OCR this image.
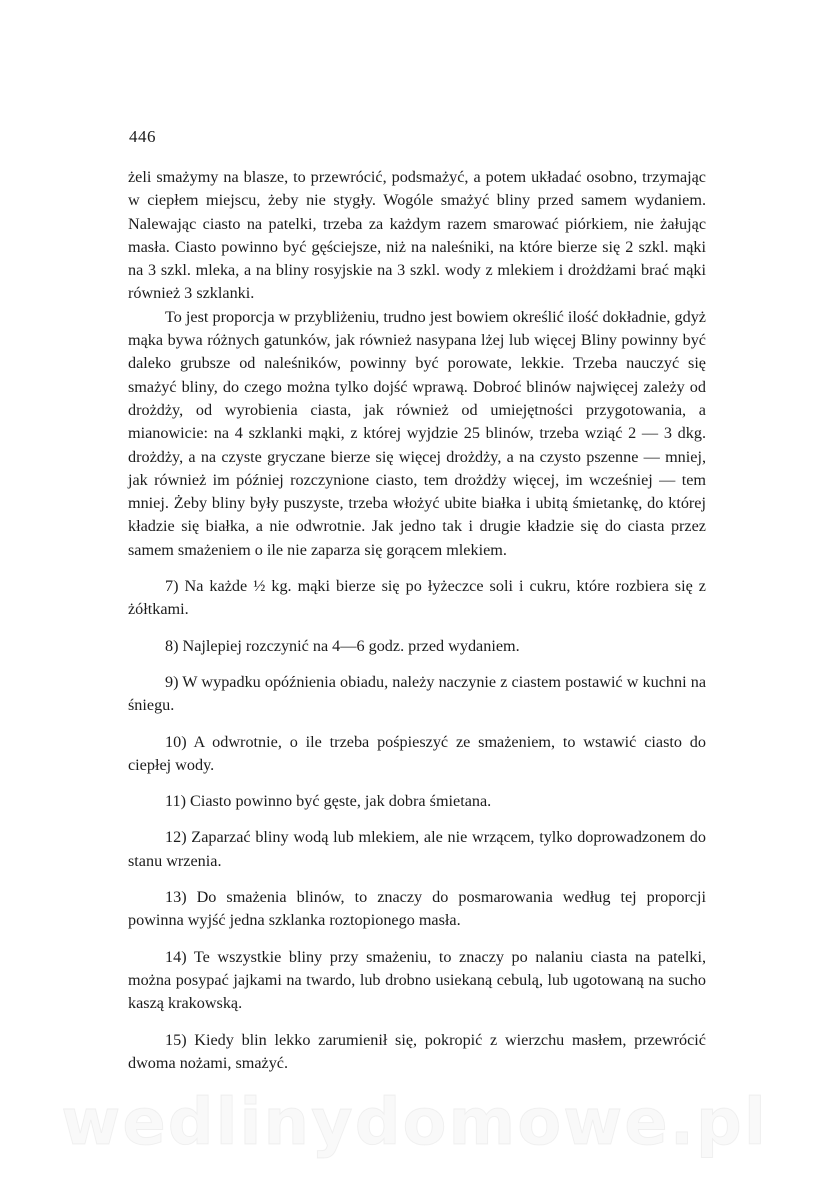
446

żeli smażymy na blasze, to przewrócić, podsmażyć, a potem układać osobno, trzymając w ciepłem miejscu, żeby nie stygły. Wogóle smażyć bliny przed samem wydaniem. Nalewając ciasto na patelki, trzeba za każdym razem smarować piórkiem, nie żałując masła. Ciasto powinno być gęściejsze, niż na naleśniki, na które bierze się 2 szkl. mąki na 3 szkl. mleka, a na bliny rosyjskie na 3 szkl. wody z mlekiem i drożdżami brać mąki również 3 szklanki.

To jest proporcja w przybliżeniu, trudno jest bowiem określić ilość dokładnie, gdyż mąka bywa różnych gatunków, jak również nasypana lżej lub więcej Bliny powinny być daleko grubsze od naleśników, powinny być porowate, lekkie. Trzeba nauczyć się smażyć bliny, do czego można tylko dojść wprawą. Dobroć blinów najwięcej zależy od drożdży, od wyrobienia ciasta, jak również od umiejętności przygotowania, a mianowicie: na 4 szklanki mąki, z której wyjdzie 25 blinów, trzeba wziąć 2 — 3 dkg. drożdży, a na czyste gryczane bierze się więcej drożdży, a na czysto pszenne — mniej, jak również im później rozczynione ciasto, tem drożdży więcej, im wcześniej — tem mniej. Żeby bliny były puszyste, trzeba włożyć ubite białka i ubitą śmietankę, do której kładzie się białka, a nie odwrotnie. Jak jedno tak i drugie kładzie się do ciasta przez samem smażeniem o ile nie zaparza się gorącem mlekiem.

7) Na każde ½ kg. mąki bierze się po łyżeczce soli i cukru, które rozbiera się z żółtkami.

8) Najlepiej rozczynić na 4—6 godz. przed wydaniem.

9) W wypadku opóźnienia obiadu, należy naczynie z ciastem postawić w kuchni na śniegu.

10) A odwrotnie, o ile trzeba pośpieszyć ze smażeniem, to wstawić ciasto do ciepłej wody.

11) Ciasto powinno być gęste, jak dobra śmietana.

12) Zaparzać bliny wodą lub mlekiem, ale nie wrzącem, tylko doprowadzonem do stanu wrzenia.

13) Do smażenia blinów, to znaczy do posmarowania według tej proporcji powinna wyjść jedna szklanka roztopionego masła.

14) Te wszystkie bliny przy smażeniu, to znaczy po nalaniu ciasta na patelki, można posypać jajkami na twardo, lub drobno usiekaną cebulą, lub ugotowaną na sucho kaszą krakowską.

15) Kiedy blin lekko zarumienił się, pokropić z wierzchu masłem, przewrócić dwoma nożami, smażyć.

wedlinydomowe.pl
